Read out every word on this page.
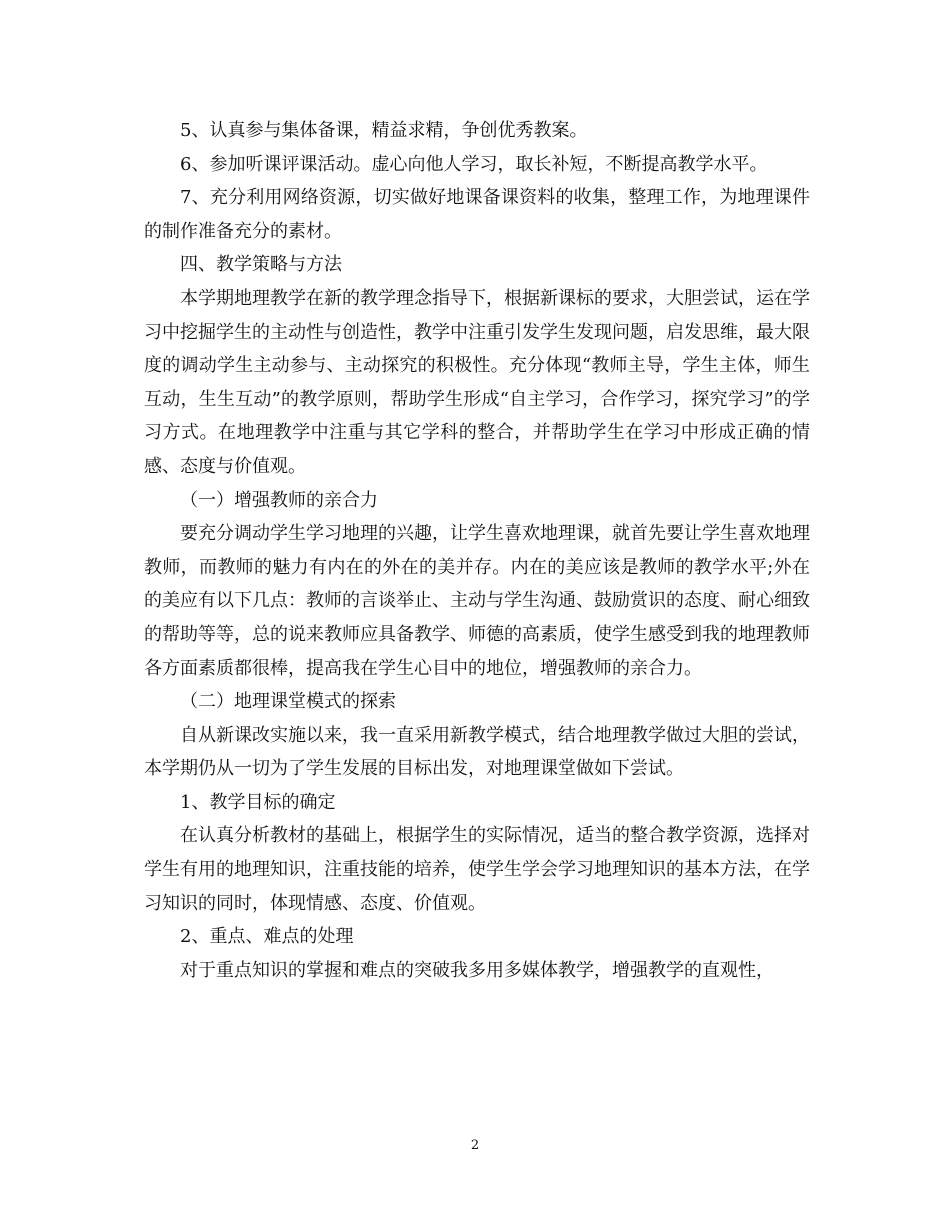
5、认真参与集体备课，精益求精，争创优秀教案。

6、参加听课评课活动。虚心向他人学习，取长补短，不断提高教学水平。

7、充分利用网络资源，切实做好地课备课资料的收集，整理工作，为地理课件的制作准备充分的素材。

四、教学策略与方法

本学期地理教学在新的教学理念指导下，根据新课标的要求，大胆尝试，运在学习中挖掘学生的主动性与创造性，教学中注重引发学生发现问题，启发思维，最大限度的调动学生主动参与、主动探究的积极性。充分体现“教师主导，学生主体，师生互动，生生互动”的教学原则，帮助学生形成“自主学习，合作学习，探究学习”的学习方式。在地理教学中注重与其它学科的整合，并帮助学生在学习中形成正确的情感、态度与价值观。

（一）增强教师的亲合力

要充分调动学生学习地理的兴趣，让学生喜欢地理课，就首先要让学生喜欢地理教师，而教师的魅力有内在的外在的美并存。内在的美应该是教师的教学水平;外在的美应有以下几点：教师的言谈举止、主动与学生沟通、鼓励赏识的态度、耐心细致的帮助等等，总的说来教师应具备教学、师德的高素质，使学生感受到我的地理教师各方面素质都很棒，提高我在学生心目中的地位，增强教师的亲合力。

（二）地理课堂模式的探索

自从新课改实施以来，我一直采用新教学模式，结合地理教学做过大胆的尝试，本学期仍从一切为了学生发展的目标出发，对地理课堂做如下尝试。

1、教学目标的确定

在认真分析教材的基础上，根据学生的实际情况，适当的整合教学资源，选择对学生有用的地理知识，注重技能的培养，使学生学会学习地理知识的基本方法，在学习知识的同时，体现情感、态度、价值观。

2、重点、难点的处理

对于重点知识的掌握和难点的突破我多用多媒体教学，增强教学的直观性，

2
